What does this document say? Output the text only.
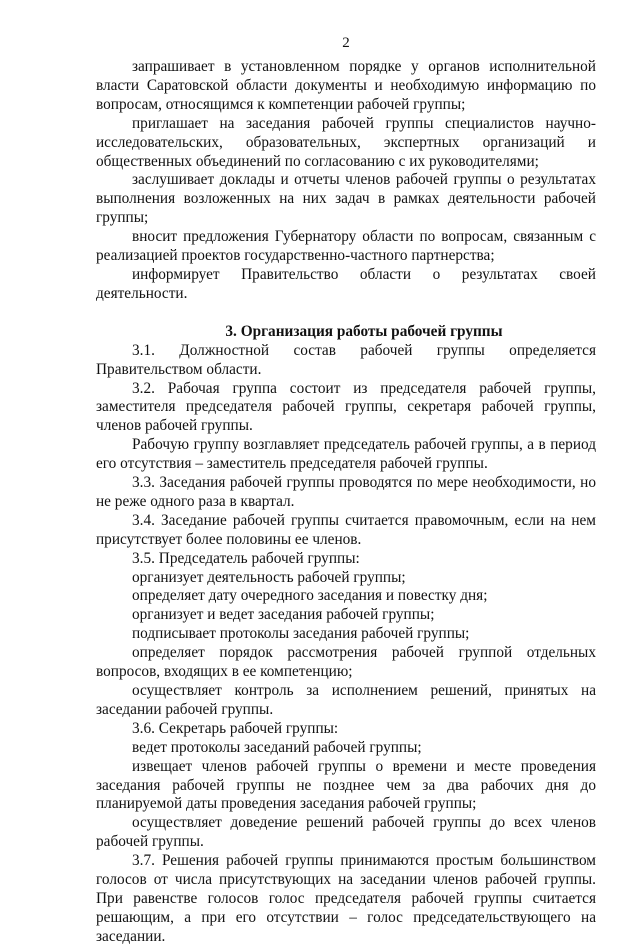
2

запрашивает в установленном порядке у органов исполнительной власти Саратовской области документы и необходимую информацию по вопросам, относящимся к компетенции рабочей группы;

приглашает на заседания рабочей группы специалистов научно-исследовательских, образовательных, экспертных организаций и общественных объединений по согласованию с их руководителями;

заслушивает доклады и отчеты членов рабочей группы о результатах выполнения возложенных на них задач в рамках деятельности рабочей группы;

вносит предложения Губернатору области по вопросам, связанным с реализацией проектов государственно-частного партнерства;

информирует Правительство области о результатах своей деятельности.

3. Организация работы рабочей группы

3.1. Должностной состав рабочей группы определяется Правительством области.

3.2. Рабочая группа состоит из председателя рабочей группы, заместителя председателя рабочей группы, секретаря рабочей группы, членов рабочей группы.

Рабочую группу возглавляет председатель рабочей группы, а в период его отсутствия – заместитель председателя рабочей группы.

3.3. Заседания рабочей группы проводятся по мере необходимости, но не реже одного раза в квартал.

3.4. Заседание рабочей группы считается правомочным, если на нем присутствует более половины ее членов.

3.5. Председатель рабочей группы:

организует деятельность рабочей группы;

определяет дату очередного заседания и повестку дня;

организует и ведет заседания рабочей группы;

подписывает протоколы заседания рабочей группы;

определяет порядок рассмотрения рабочей группой отдельных вопросов, входящих в ее компетенцию;

осуществляет контроль за исполнением решений, принятых на заседании рабочей группы.

3.6. Секретарь рабочей группы:

ведет протоколы заседаний рабочей группы;

извещает членов рабочей группы о времени и месте проведения заседания рабочей группы не позднее чем за два рабочих дня до планируемой даты проведения заседания рабочей группы;

осуществляет доведение решений рабочей группы до всех членов рабочей группы.

3.7. Решения рабочей группы принимаются простым большинством голосов от числа присутствующих на заседании членов рабочей группы. При равенстве голосов голос председателя рабочей группы считается решающим, а при его отсутствии – голос председательствующего на заседании.
